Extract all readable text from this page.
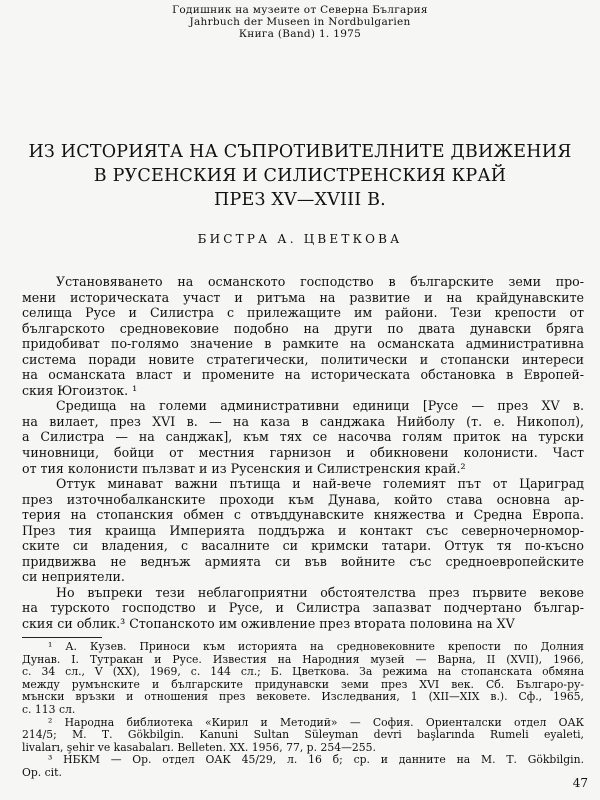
Годишник на музеите от Северна България
Jahrbuch der Museen in Nordbulgarien
Книга (Band) 1. 1975
ИЗ ИСТОРИЯТА НА СЪПРОТИВИТЕЛНИТЕ ДВИЖЕНИЯ
В РУСЕНСКИЯ И СИЛИСТРЕНСКИЯ КРАЙ
ПРЕЗ XV—XVIII В.
БИСТРА А. ЦВЕТКОВА
Установяването на османското господство в българските земи про-
мени историческата участ и ритъма на развитие и на крайдунавските
селища Русе и Силистра с прилежащите им райони. Тези крепости от
българското средновековие подобно на други по двата дунавски бряга
придобиват по-голямо значение в рамките на османската административна
система поради новите стратегически, политически и стопански интереси
на османската власт и промените на историческата обстановка в Европей-
ския Югоизток. ¹
Средища на големи административни единици [Русе — през XV в.
на вилает, през XVI в. — на каза в санджака Нийболу (т. е. Никопол),
а Силистра — на санджак], към тях се насочва голям приток на турски
чиновници, бойци от местния гарнизон и обикновени колонисти. Част
от тия колонисти пълзват и из Русенския и Силистренския край.²
Оттук минават важни пътища и най-вече големият път от Цариград
през източнобалканските проходи към Дунава, който става основна ар-
терия на стопанския обмен с отвъддунавските княжества и Средна Европа.
През тия краища Империята поддържа и контакт със северночерномор-
ските си владения, с васалните си кримски татари. Оттук тя по-късно
придвижва не веднъж армията си във войните със средноевропейските
си неприятели.
Но въпреки тези неблагоприятни обстоятелства през първите векове
на турското господство и Русе, и Силистра запазват подчертано българ-
ския си облик.³ Стопанското им оживление през втората половина на XV
¹ А. Кузев. Приноси към историята на средновековните крепости по Долния
Дунав. I. Тутракан и Русе. Известия на Народния музей — Варна, II (XVII), 1966,
с. 34 сл., V (XX), 1969, с. 144 сл.; Б. Цветкова. За режима на стопанската обмяна
между румънските и българските придунавски земи през XVI век. Сб. Българо-ру-
мънски връзки и отношения през вековете. Изследвания, 1 (XII—XIX в.). Сф., 1965,
с. 113 сл.
² Народна библиотека «Кирил и Методий» — София. Ориенталски отдел ОАК
214/5; М. Т. Gökbilgin. Kanuni Sultan Süleyman devri başlarında Rumeli eyaleti,
livaları, şehir ve kasabaları. Belleten. XX. 1956, 77, p. 254—255.
³ НБКМ — Ор. отдел ОАК 45/29, л. 16 б; ср. и данните на М. Т. Gökbilgin.
Ор. cit.
47
